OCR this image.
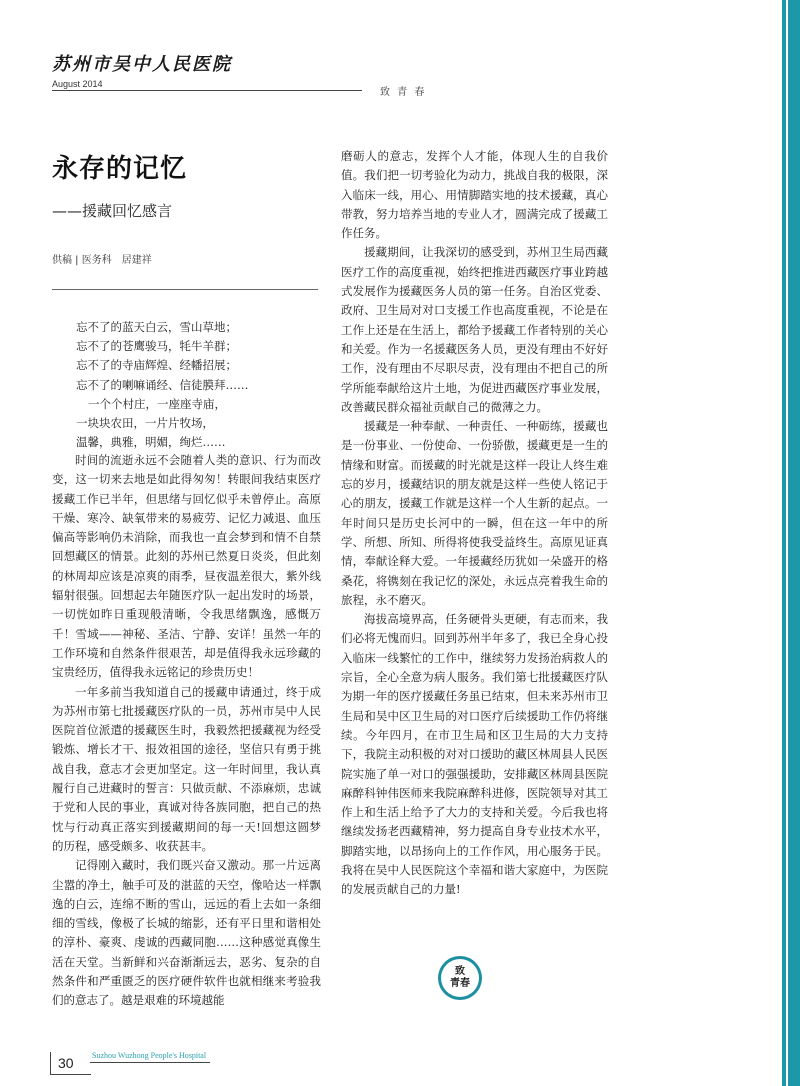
苏州市吴中人民医院
August 2014
致 青 春
永存的记忆
——援藏回忆感言
供稿 | 医务科　居建祥
忘不了的蓝天白云，雪山草地；
忘不了的苍鹰骏马，牦牛羊群；
忘不了的寺庙辉煌、经幡招展；
忘不了的喇嘛诵经、信徒膜拜……
一个个村庄，一座座寺庙，
一块块农田，一片片牧场，
温馨，典雅，明媚，绚烂……

时间的流逝永远不会随着人类的意识、行为而改变，这一切来去地是如此得匆匆！转眼间我结束医疗援藏工作已半年，但思绪与回忆似乎未曾停止。高原干燥、寒冷、缺氧带来的易疲劳、记忆力减退、血压偏高等影响仍未消除，而我也一直会梦到和情不自禁回想藏区的情景。此刻的苏州已然夏日炎炎，但此刻的林周却应该是凉爽的雨季，昼夜温差很大，紫外线辐射很强。回想起去年随医疗队一起出发时的场景，一切恍如昨日重现般清晰，令我思绪飘逸，感慨万千！雪域——神秘、圣洁、宁静、安详！虽然一年的工作环境和自然条件很艰苦，却是值得我永远珍藏的宝贵经历，值得我永远铭记的珍贵历史！

一年多前当我知道自己的援藏申请通过，终于成为苏州市第七批援藏医疗队的一员，苏州市吴中人民医院首位派遣的援藏医生时，我毅然把援藏视为经受锻炼、增长才干、报效祖国的途径，坚信只有勇于挑战自我，意志才会更加坚定。这一年时间里，我认真履行自己进藏时的誓言：只做贡献、不添麻烦，忠诚于党和人民的事业，真诚对待各族同胞，把自己的热忱与行动真正落实到援藏期间的每一天!回想这圆梦的历程，感受颇多、收获甚丰。

记得刚入藏时，我们既兴奋又激动。那一片远离尘嚣的净土，触手可及的湛蓝的天空，像哈达一样飘逸的白云，连绵不断的雪山，远远的看上去如一条细细的雪线，像极了长城的缩影，还有平日里和谐相处的淳朴、豪爽、虔诚的西藏同胞……这种感觉真像生活在天堂。当新鲜和兴奋渐渐远去，恶劣、复杂的自然条件和严重匮乏的医疗硬件软件也就相继来考验我们的意志了。越是艰难的环境越能

磨砺人的意志，发挥个人才能，体现人生的自我价值。我们把一切考验化为动力，挑战自我的极限，深入临床一线，用心、用情脚踏实地的技术援藏，真心带教，努力培养当地的专业人才，圆满完成了援藏工作任务。

援藏期间，让我深切的感受到，苏州卫生局西藏医疗工作的高度重视，始终把推进西藏医疗事业跨越式发展作为援藏医务人员的第一任务。自治区党委、政府、卫生局对对口支援工作也高度重视，不论是在工作上还是在生活上，都给予援藏工作者特别的关心和关爱。作为一名援藏医务人员，更没有理由不好好工作，没有理由不尽职尽责，没有理由不把自己的所学所能奉献给这片土地，为促进西藏医疗事业发展，改善藏民群众福祉贡献自己的微薄之力。

援藏是一种奉献、一种责任、一种砺练，援藏也是一份事业、一份使命、一份骄傲，援藏更是一生的情缘和财富。而援藏的时光就是这样一段让人终生难忘的岁月，援藏结识的朋友就是这样一些使人铭记于心的朋友，援藏工作就是这样一个人生新的起点。一年时间只是历史长河中的一瞬，但在这一年中的所学、所想、所知、所得将使我受益终生。高原见证真情，奉献诠释大爱。一年援藏经历犹如一朵盛开的格桑花，将镌刻在我记忆的深处，永远点亮着我生命的旅程，永不磨灭。

海拔高境界高，任务硬骨头更硬，有志而来，我们必将无愧而归。回到苏州半年多了，我已全身心投入临床一线繁忙的工作中，继续努力发扬治病救人的宗旨，全心全意为病人服务。我们第七批援藏医疗队为期一年的医疗援藏任务虽已结束，但未来苏州市卫生局和吴中区卫生局的对口医疗后续援助工作仍将继续。今年四月，在市卫生局和区卫生局的大力支持下，我院主动积极的对对口援助的藏区林周县人民医院实施了单一对口的强强援助，安排藏区林周县医院麻醉科钟伟医师来我院麻醉科进修，医院领导对其工作上和生活上给予了大力的支持和关爱。今后我也将继续发扬老西藏精神，努力提高自身专业技术水平，脚踏实地，以昂扬向上的工作作风，用心服务于民。我将在吴中人民医院这个幸福和谐大家庭中，为医院的发展贡献自己的力量!

致
青春
30 Suzhou Wuzhong People's Hospital
